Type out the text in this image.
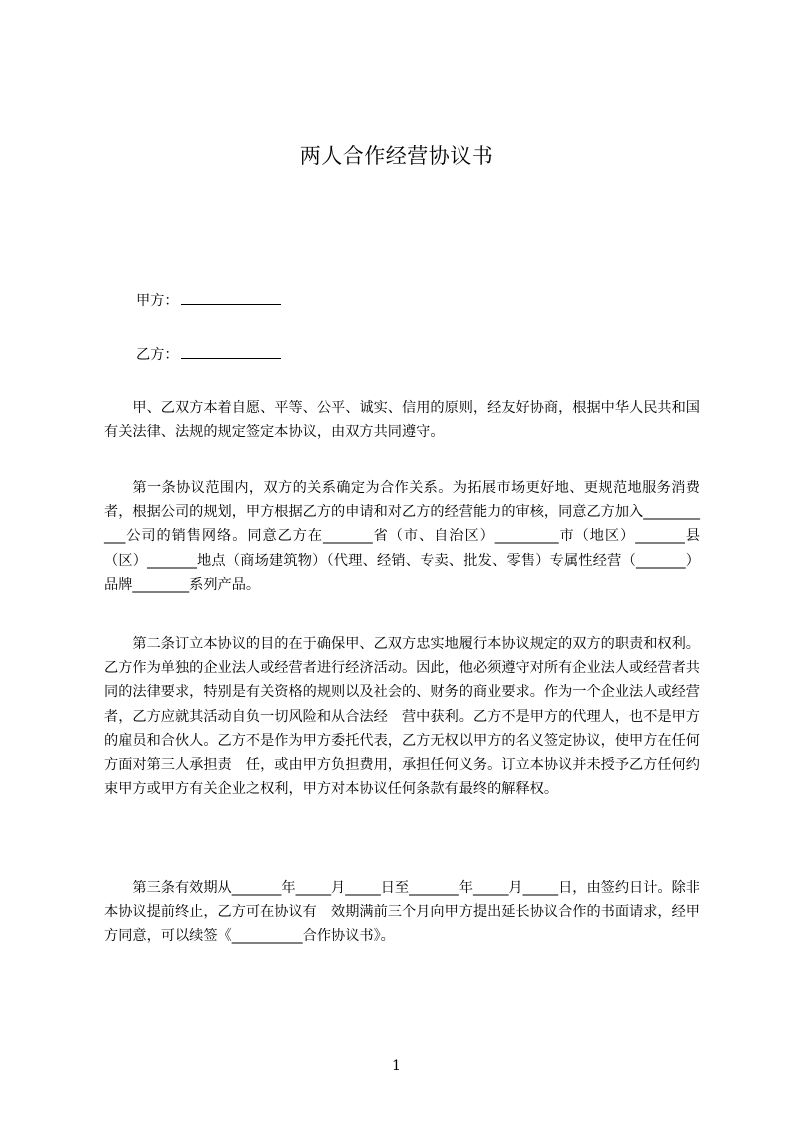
两人合作经营协议书
甲方：
乙方：

甲、乙双方本着自愿、平等、公平、诚实、信用的原则，经友好协商，根据中华人民共和国有关法律、法规的规定签定本协议，由双方共同遵守。

第一条协议范围内，双方的关系确定为合作关系。为拓展市场更好地、更规范地服务消费者，根据公司的规划，甲方根据乙方的申请和对乙方的经营能力的审核，同意乙方加入___________公司的销售网络。同意乙方在_______省（市、自治区）_________市（地区）_______县　（区）_______地点（商场建筑物）（代理、经销、专卖、批发、零售）专属性经营（_______）品牌________系列产品。

第二条订立本协议的目的在于确保甲、乙双方忠实地履行本协议规定的双方的职责和权利。乙方作为单独的企业法人或经营者进行经济活动。因此，他必须遵守对所有企业法人或经营者共同的法律要求，特别是有关资格的规则以及社会的、财务的商业要求。作为一个企业法人或经营者，乙方应就其活动自负一切风险和从合法经　营中获利。乙方不是甲方的代理人，也不是甲方的雇员和合伙人。乙方不是作为甲方委托代表，乙方无权以甲方的名义签定协议，使甲方在任何方面对第三人承担责　任，或由甲方负担费用，承担任何义务。订立本协议并未授予乙方任何约束甲方或甲方有关企业之权利，甲方对本协议任何条款有最终的解释权。

第三条有效期从_______年_____月_____日至_______年_____月_____日，由签约日计。除非本协议提前终止，乙方可在协议有　效期满前三个月向甲方提出延长协议合作的书面请求，经甲方同意，可以续签《__________合作协议书》。

1
